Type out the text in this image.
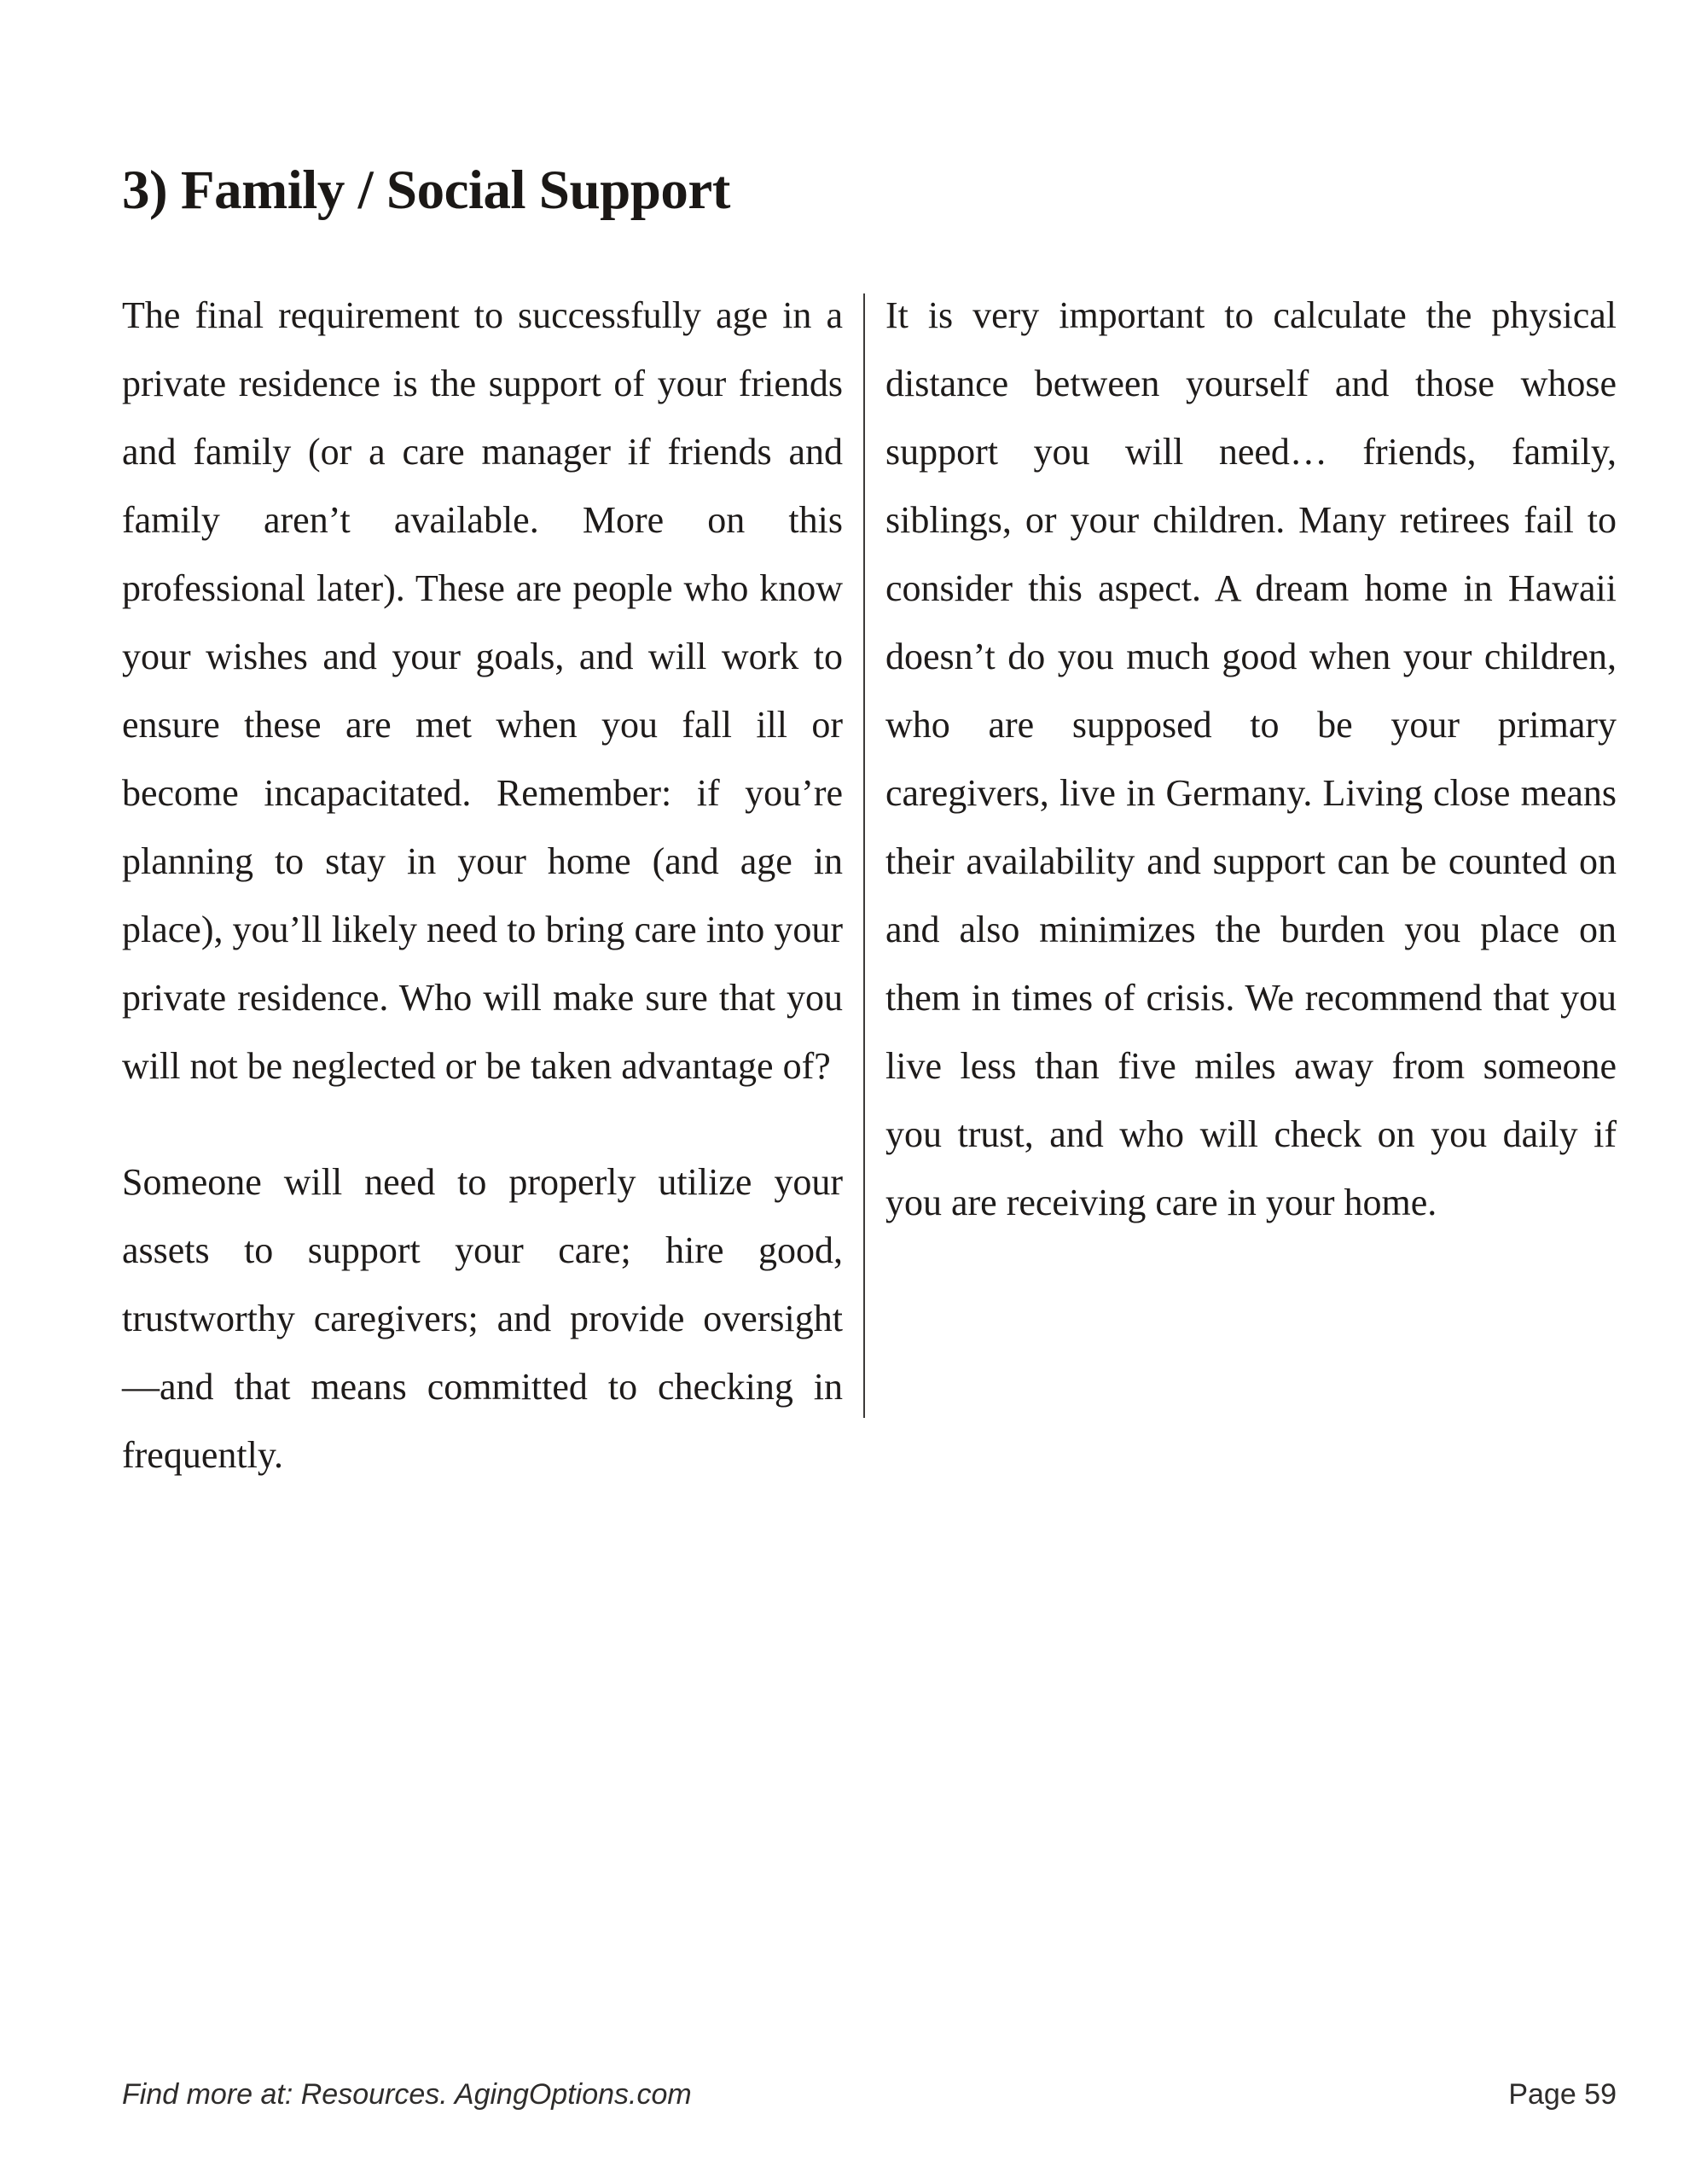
3) Family / Social Support

The final requirement to successfully age in a private residence is the support of your friends and family (or a care manager if friends and family aren’t available. More on this professional later). These are people who know your wishes and your goals, and will work to ensure these are met when you fall ill or become incapacitated. Remember: if you’re planning to stay in your home (and age in place), you’ll likely need to bring care into your private residence. Who will make sure that you will not be neglected or be taken advantage of?

Someone will need to properly utilize your assets to support your care; hire good, trustworthy caregivers; and provide oversight—and that means committed to checking in frequently.

It is very important to calculate the physical distance between yourself and those whose support you will need… friends, family, siblings, or your children. Many retirees fail to consider this aspect. A dream home in Hawaii doesn’t do you much good when your children, who are supposed to be your primary caregivers, live in Germany. Living close means their availability and support can be counted on and also minimizes the burden you place on them in times of crisis. We recommend that you live less than five miles away from someone you trust, and who will check on you daily if you are receiving care in your home.

Find more at: Resources. AgingOptions.com	Page 59
